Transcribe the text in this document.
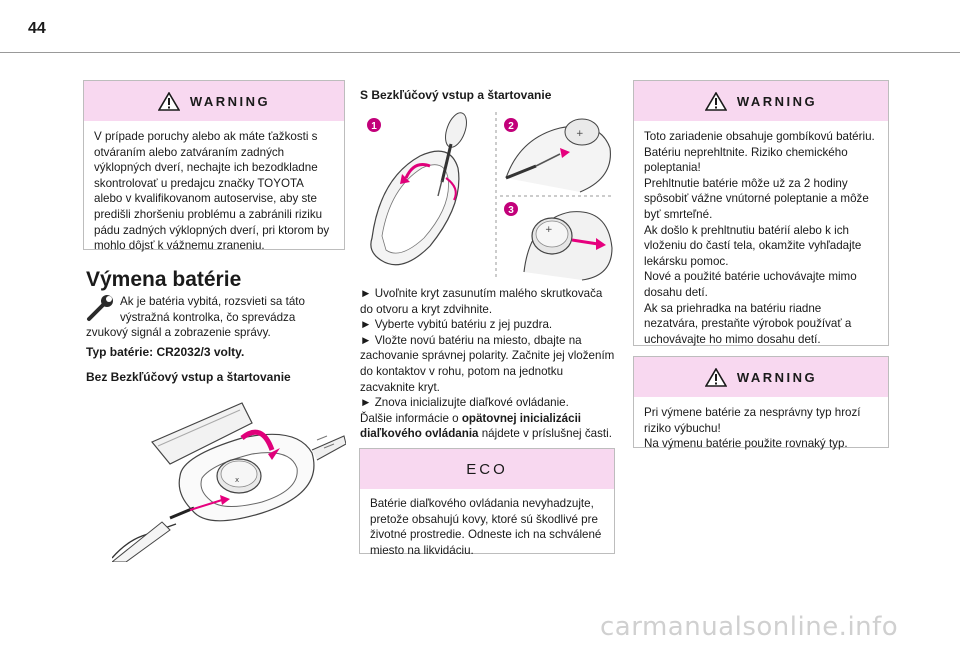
44
WARNING
V prípade poruchy alebo ak máte ťažkosti s otváraním alebo zatváraním zadných výklopných dverí, nechajte ich bezodkladne skontrolovať u predajcu značky TOYOTA alebo v kvalifikovanom autoservise, aby ste predišli zhoršeniu problému a zabránili riziku pádu zadných výklopných dverí, pri ktorom by mohlo dôjsť k vážnemu zraneniu.
Výmena batérie
Ak je batéria vybitá, rozsvieti sa táto
výstražná kontrolka, čo sprevádza
zvukový signál a zobrazenie správy.
Typ batérie: CR2032/3 volty.
Bez Bezkľúčový vstup a štartovanie
x
S Bezkľúčový vstup a štartovanie
1	2
3
+
+

► Uvoľnite kryt zasunutím malého skrutkovača do otvoru a kryt zdvihnite.

► Vyberte vybitú batériu z jej puzdra.

► Vložte novú batériu na miesto, dbajte na zachovanie správnej polarity. Začnite jej vložením do kontaktov v rohu, potom na jednotku zacvaknite kryt.

► Znova inicializujte diaľkové ovládanie.

Ďalšie informácie o opätovnej inicializácii diaľkového ovládania nájdete v príslušnej časti.

ECO
Batérie diaľkového ovládania nevyhadzujte, pretože obsahujú kovy, ktoré sú škodlivé pre životné prostredie. Odneste ich na schválené miesto na likvidáciu.
WARNING
Toto zariadenie obsahuje gombíkovú batériu.
Batériu neprehltnite. Riziko chemického poleptania!
Prehltnutie batérie môže už za 2 hodiny spôsobiť vážne vnútorné poleptanie a môže byť smrteľné.
Ak došlo k prehltnutiu batérií alebo k ich vloženiu do častí tela, okamžite vyhľadajte lekársku pomoc.
Nové a použité batérie uchovávajte mimo dosahu detí.
Ak sa priehradka na batériu riadne nezatvára, prestaňte výrobok používať a uchovávajte ho mimo dosahu detí.
WARNING
Pri výmene batérie za nesprávny typ hrozí riziko výbuchu!
Na výmenu batérie použite rovnaký typ.
carmanualsonline.info
